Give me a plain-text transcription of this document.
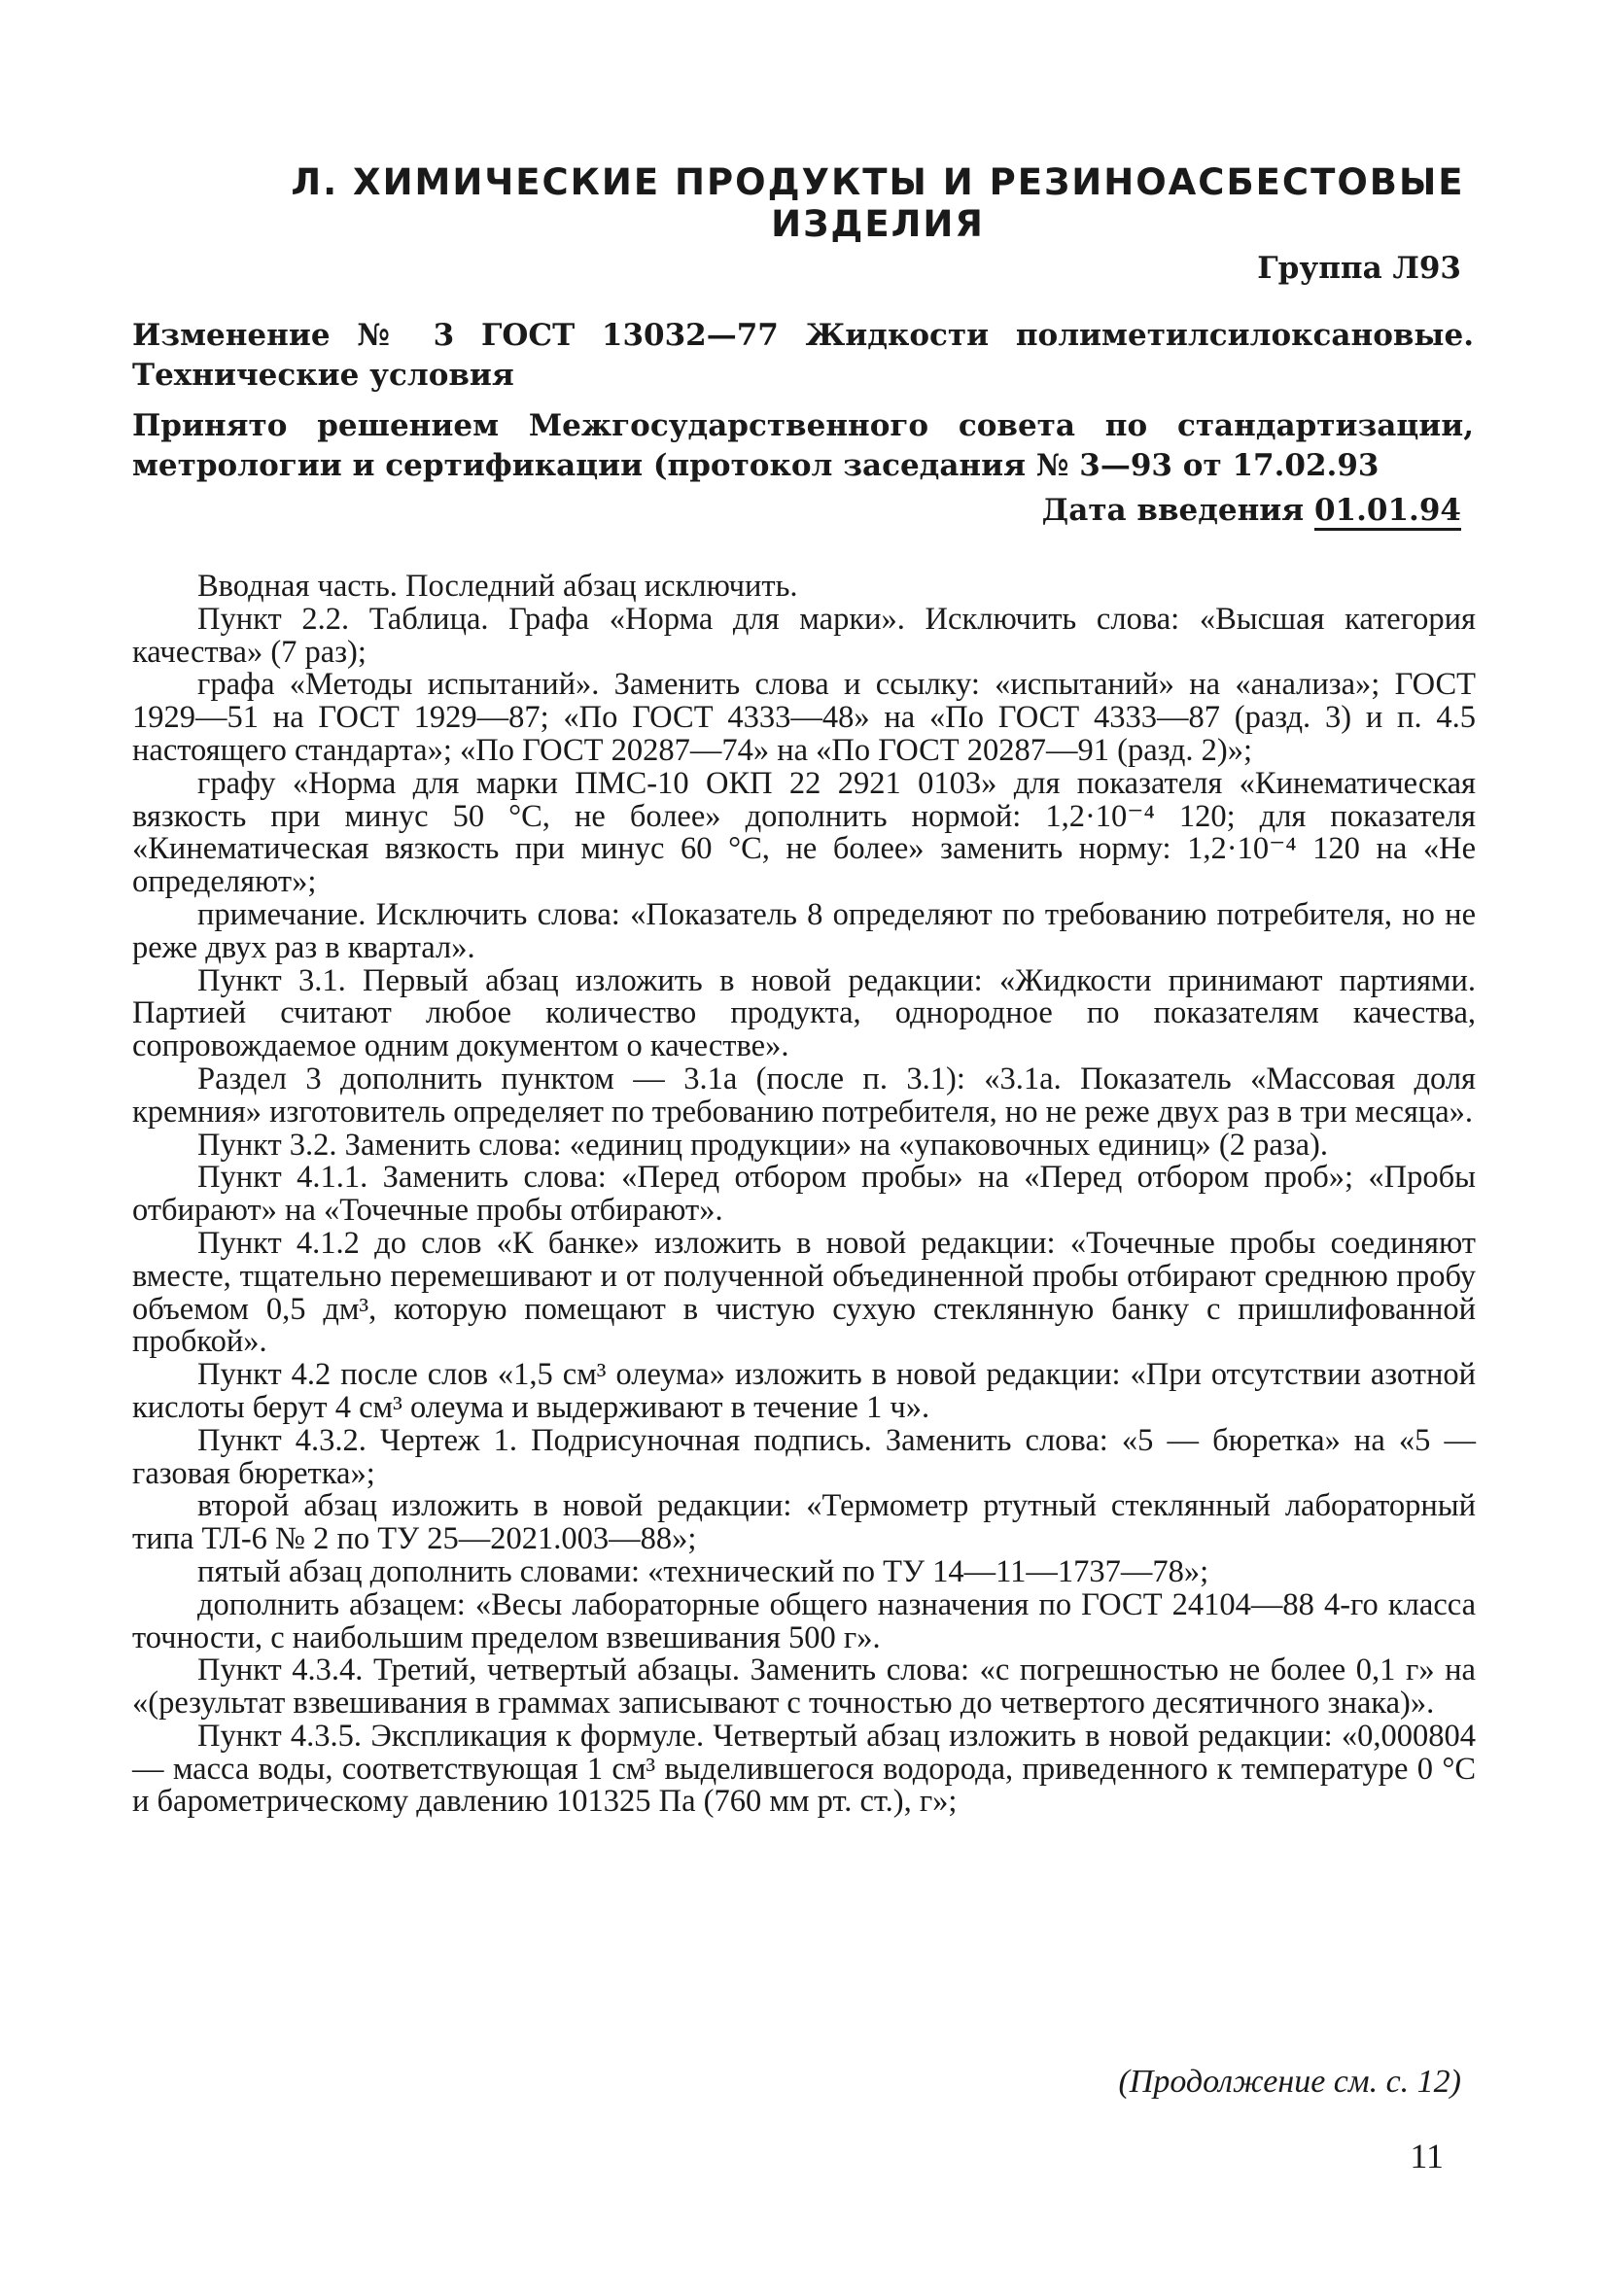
Л. ХИМИЧЕСКИЕ ПРОДУКТЫ И РЕЗИНОАСБЕСТОВЫЕ ИЗДЕЛИЯ
Группа Л93

Изменение № 3 ГОСТ 13032—77 Жидкости полиметилсилоксановые. Технические условия

Принято решением Межгосударственного совета по стандартизации, метрологии и сертификации (протокол заседания № 3—93 от 17.02.93

Дата введения 01.01.94

Вводная часть. Последний абзац исключить.

Пункт 2.2. Таблица. Графа «Норма для марки». Исключить слова: «Высшая категория качества» (7 раз);

графа «Методы испытаний». Заменить слова и ссылку: «испытаний» на «анализа»; ГОСТ 1929—51 на ГОСТ 1929—87; «По ГОСТ 4333—48» на «По ГОСТ 4333—87 (разд. 3) и п. 4.5 настоящего стандарта»; «По ГОСТ 20287—74» на «По ГОСТ 20287—91 (разд. 2)»;

графу «Норма для марки ПМС-10 ОКП 22 2921 0103» для показателя «Кинематическая вязкость при минус 50 °С, не более» дополнить нормой: 1,2·10⁻⁴ 120; для показателя «Кинематическая вязкость при минус 60 °С, не более» заменить норму: 1,2·10⁻⁴ 120 на «Не определяют»;

примечание. Исключить слова: «Показатель 8 определяют по требованию потребителя, но не реже двух раз в квартал».

Пункт 3.1. Первый абзац изложить в новой редакции: «Жидкости принимают партиями. Партией считают любое количество продукта, однородное по показателям качества, сопровождаемое одним документом о качестве».

Раздел 3 дополнить пунктом — 3.1а (после п. 3.1): «3.1а. Показатель «Массовая доля кремния» изготовитель определяет по требованию потребителя, но не реже двух раз в три месяца».

Пункт 3.2. Заменить слова: «единиц продукции» на «упаковочных единиц» (2 раза).

Пункт 4.1.1. Заменить слова: «Перед отбором пробы» на «Перед отбором проб»; «Пробы отбирают» на «Точечные пробы отбирают».

Пункт 4.1.2 до слов «К банке» изложить в новой редакции: «Точечные пробы соединяют вместе, тщательно перемешивают и от полученной объединенной пробы отбирают среднюю пробу объемом 0,5 дм³, которую помещают в чистую сухую стеклянную банку с пришлифованной пробкой».

Пункт 4.2 после слов «1,5 см³ олеума» изложить в новой редакции: «При отсутствии азотной кислоты берут 4 см³ олеума и выдерживают в течение 1 ч».

Пункт 4.3.2. Чертеж 1. Подрисуночная подпись. Заменить слова: «5 — бюретка» на «5 — газовая бюретка»;

второй абзац изложить в новой редакции: «Термометр ртутный стеклянный лабораторный типа ТЛ-6 № 2 по ТУ 25—2021.003—88»;

пятый абзац дополнить словами: «технический по ТУ 14—11—1737—78»;

дополнить абзацем: «Весы лабораторные общего назначения по ГОСТ 24104—88 4-го класса точности, с наибольшим пределом взвешивания 500 г».

Пункт 4.3.4. Третий, четвертый абзацы. Заменить слова: «с погрешностью не более 0,1 г» на «(результат взвешивания в граммах записывают с точностью до четвертого десятичного знака)».

Пункт 4.3.5. Экспликация к формуле. Четвертый абзац изложить в новой редакции: «0,000804 — масса воды, соответствующая 1 см³ выделившегося водорода, приведенного к температуре 0 °С и барометрическому давлению 101325 Па (760 мм рт. ст.), г»;

(Продолжение см. с. 12)
11
